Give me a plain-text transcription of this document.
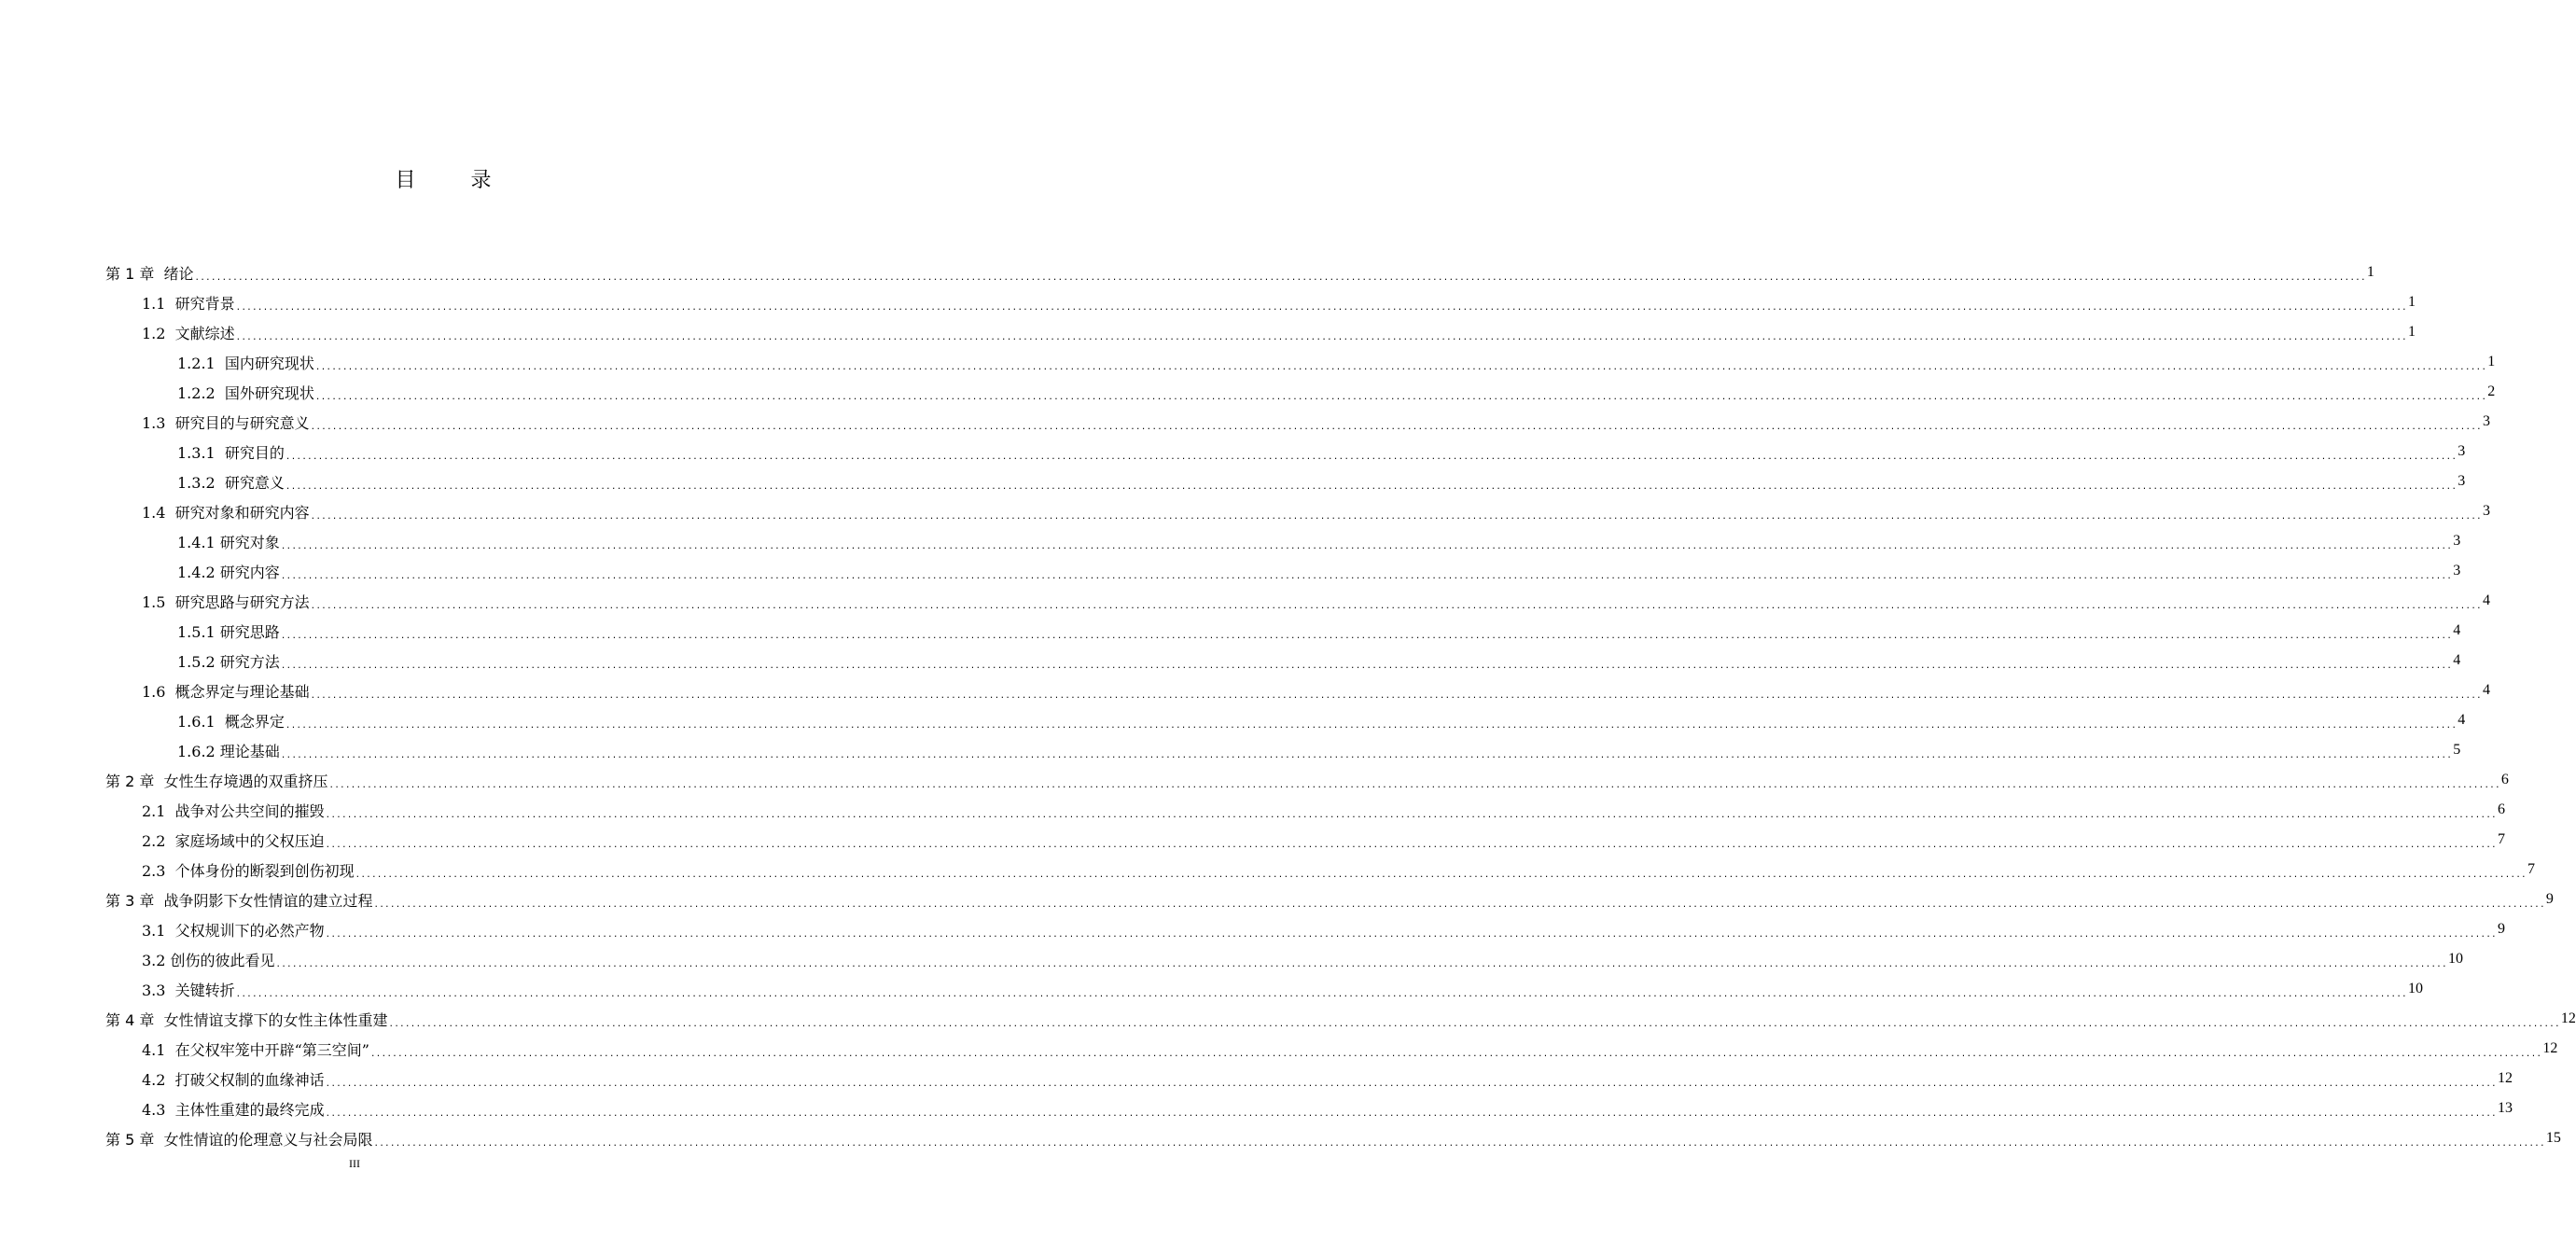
目 录
第 1 章  绪论 ................................................................................................................................................................................................................................................................................................................................................................................................................ 1
1.1  研究背景 ................................................................................................................................................................................................................................................................................................................................................................................................................ 1
1.2  文献综述 ................................................................................................................................................................................................................................................................................................................................................................................................................ 1
1.2.1  国内研究现状 ................................................................................................................................................................................................................................................................................................................................................................................................................ 1
1.2.2  国外研究现状 ................................................................................................................................................................................................................................................................................................................................................................................................................ 2
1.3  研究目的与研究意义 ................................................................................................................................................................................................................................................................................................................................................................................................................ 3
1.3.1  研究目的 ................................................................................................................................................................................................................................................................................................................................................................................................................ 3
1.3.2  研究意义 ................................................................................................................................................................................................................................................................................................................................................................................................................ 3
1.4  研究对象和研究内容 ................................................................................................................................................................................................................................................................................................................................................................................................................ 3
1.4.1 研究对象 ................................................................................................................................................................................................................................................................................................................................................................................................................ 3
1.4.2 研究内容 ................................................................................................................................................................................................................................................................................................................................................................................................................ 3
1.5  研究思路与研究方法 ................................................................................................................................................................................................................................................................................................................................................................................................................ 4
1.5.1 研究思路 ................................................................................................................................................................................................................................................................................................................................................................................................................ 4
1.5.2 研究方法 ................................................................................................................................................................................................................................................................................................................................................................................................................ 4
1.6  概念界定与理论基础 ................................................................................................................................................................................................................................................................................................................................................................................................................ 4
1.6.1  概念界定 ................................................................................................................................................................................................................................................................................................................................................................................................................ 4
1.6.2 理论基础 ................................................................................................................................................................................................................................................................................................................................................................................................................ 5
第 2 章  女性生存境遇的双重挤压 ................................................................................................................................................................................................................................................................................................................................................................................................................ 6
2.1  战争对公共空间的摧毁 ................................................................................................................................................................................................................................................................................................................................................................................................................ 6
2.2  家庭场域中的父权压迫 ................................................................................................................................................................................................................................................................................................................................................................................................................ 7
2.3  个体身份的断裂到创伤初现 ................................................................................................................................................................................................................................................................................................................................................................................................................ 7
第 3 章  战争阴影下女性情谊的建立过程 ................................................................................................................................................................................................................................................................................................................................................................................................................ 9
3.1  父权规训下的必然产物 ................................................................................................................................................................................................................................................................................................................................................................................................................ 9
3.2 创伤的彼此看见 ................................................................................................................................................................................................................................................................................................................................................................................................................ 10
3.3  关键转折 ................................................................................................................................................................................................................................................................................................................................................................................................................ 10
第 4 章  女性情谊支撑下的女性主体性重建 ................................................................................................................................................................................................................................................................................................................................................................................................................ 12
4.1  在父权牢笼中开辟“第三空间” ................................................................................................................................................................................................................................................................................................................................................................................................................ 12
4.2  打破父权制的血缘神话 ................................................................................................................................................................................................................................................................................................................................................................................................................ 12
4.3  主体性重建的最终完成 ................................................................................................................................................................................................................................................................................................................................................................................................................ 13
第 5 章  女性情谊的伦理意义与社会局限 ................................................................................................................................................................................................................................................................................................................................................................................................................ 15
III
